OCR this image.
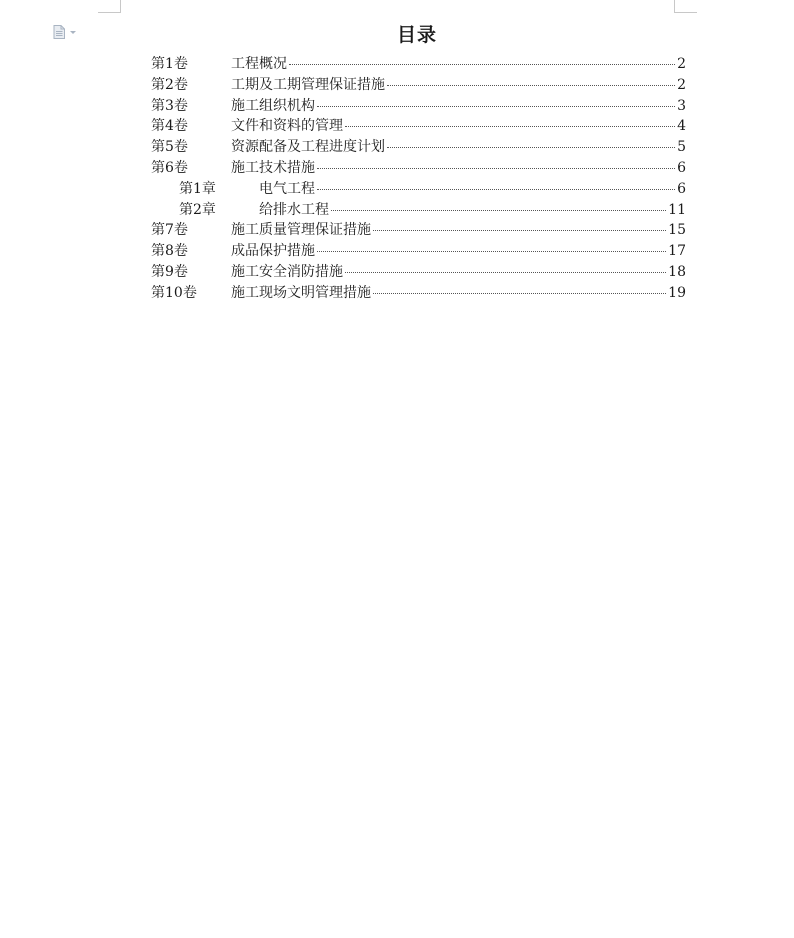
目录
第1卷	工程概况	2
第2卷	工期及工期管理保证措施	2
第3卷	施工组织机构	3
第4卷	文件和资料的管理	4
第5卷	资源配备及工程进度计划	5
第6卷	施工技术措施	6
第1章	电气工程	6
第2章	给排水工程	11
第7卷	施工质量管理保证措施	15
第8卷	成品保护措施	17
第9卷	施工安全消防措施	18
第10卷	施工现场文明管理措施	19
